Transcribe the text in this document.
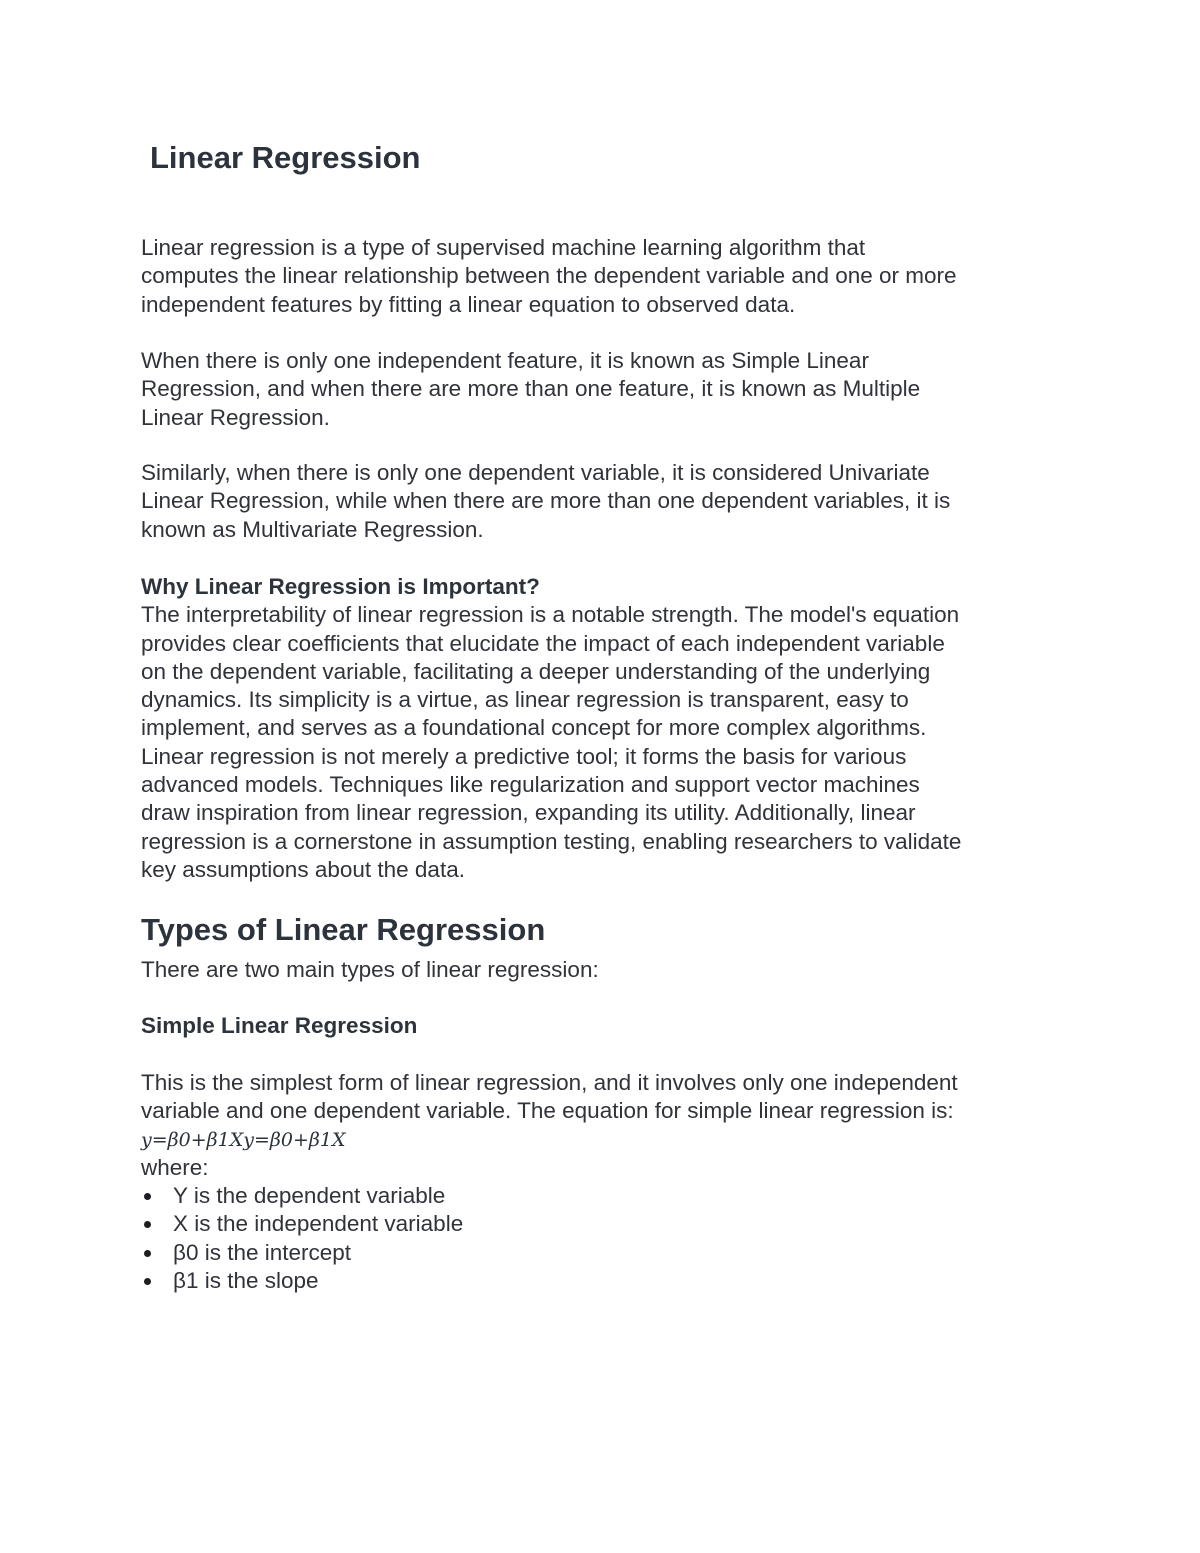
Linear Regression

Linear regression is a type of supervised machine learning algorithm that

computes the linear relationship between the dependent variable and one or more

independent features by fitting a linear equation to observed data.

When there is only one independent feature, it is known as Simple Linear

Regression, and when there are more than one feature, it is known as Multiple

Linear Regression.

Similarly, when there is only one dependent variable, it is considered Univariate

Linear Regression, while when there are more than one dependent variables, it is

known as Multivariate Regression.

Why Linear Regression is Important?

The interpretability of linear regression is a notable strength. The model's equation

provides clear coefficients that elucidate the impact of each independent variable

on the dependent variable, facilitating a deeper understanding of the underlying

dynamics. Its simplicity is a virtue, as linear regression is transparent, easy to

implement, and serves as a foundational concept for more complex algorithms.

Linear regression is not merely a predictive tool; it forms the basis for various

advanced models. Techniques like regularization and support vector machines

draw inspiration from linear regression, expanding its utility. Additionally, linear

regression is a cornerstone in assumption testing, enabling researchers to validate

key assumptions about the data.

Types of Linear Regression

There are two main types of linear regression:

Simple Linear Regression

This is the simplest form of linear regression, and it involves only one independent

variable and one dependent variable. The equation for simple linear regression is:

y=β0+β1Xy=β0+β1X

where:

Y is the dependent variable
X is the independent variable
β0 is the intercept
β1 is the slope
